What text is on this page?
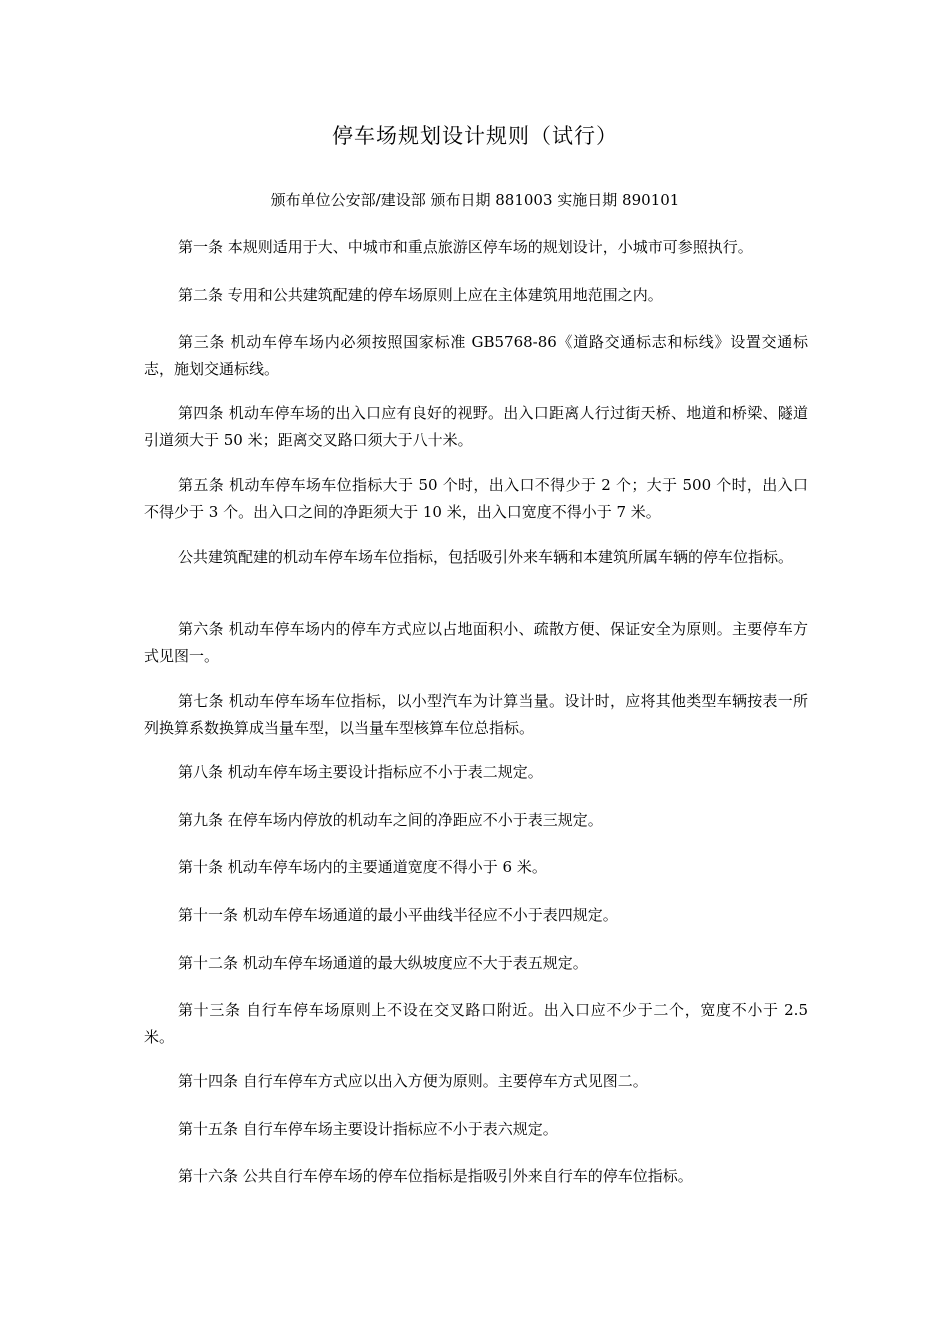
停车场规划设计规则（试行）
颁布单位公安部/建设部 颁布日期 881003 实施日期 890101

第一条 本规则适用于大、中城市和重点旅游区停车场的规划设计，小城市可参照执行。

第二条 专用和公共建筑配建的停车场原则上应在主体建筑用地范围之内。

第三条 机动车停车场内必须按照国家标准 GB5768-86《道路交通标志和标线》设置交通标志，施划交通标线。

第四条 机动车停车场的出入口应有良好的视野。出入口距离人行过街天桥、地道和桥梁、隧道引道须大于 50 米；距离交叉路口须大于八十米。

第五条 机动车停车场车位指标大于 50 个时，出入口不得少于 2 个；大于 500 个时，出入口不得少于 3 个。出入口之间的净距须大于 10 米，出入口宽度不得小于 7 米。

公共建筑配建的机动车停车场车位指标，包括吸引外来车辆和本建筑所属车辆的停车位指标。

第六条 机动车停车场内的停车方式应以占地面积小、疏散方便、保证安全为原则。主要停车方式见图一。

第七条 机动车停车场车位指标，以小型汽车为计算当量。设计时，应将其他类型车辆按表一所列换算系数换算成当量车型，以当量车型核算车位总指标。

第八条 机动车停车场主要设计指标应不小于表二规定。

第九条 在停车场内停放的机动车之间的净距应不小于表三规定。

第十条 机动车停车场内的主要通道宽度不得小于 6 米。

第十一条 机动车停车场通道的最小平曲线半径应不小于表四规定。

第十二条 机动车停车场通道的最大纵坡度应不大于表五规定。

第十三条 自行车停车场原则上不设在交叉路口附近。出入口应不少于二个，宽度不小于 2.5 米。

第十四条 自行车停车方式应以出入方便为原则。主要停车方式见图二。

第十五条 自行车停车场主要设计指标应不小于表六规定。

第十六条 公共自行车停车场的停车位指标是指吸引外来自行车的停车位指标。
